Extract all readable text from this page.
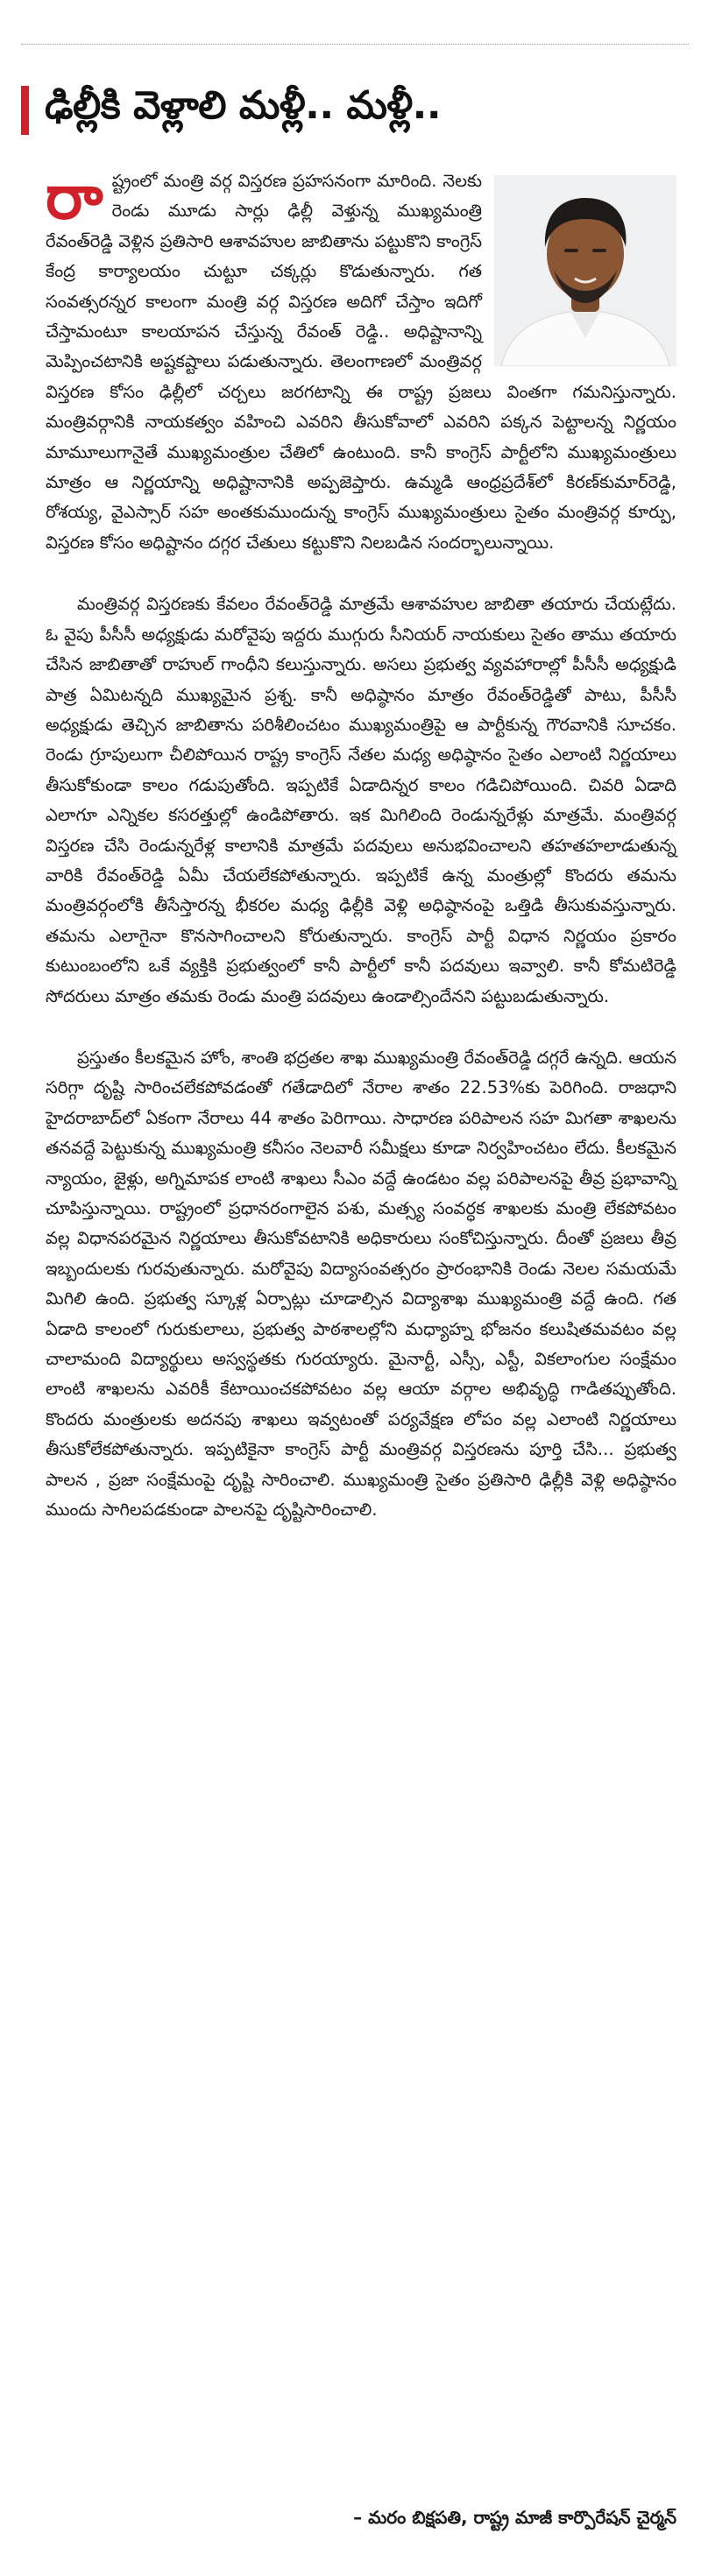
ఢిల్లీకి వెళ్లాలి మళ్లీ.. మళ్లీ..

రాష్ట్రంలో మంత్రి వర్గ విస్తరణ ప్రహసనంగా మారింది. నెలకు రెండు మూడు సార్లు ఢిల్లీ వెళ్తున్న ముఖ్యమంత్రి రేవంత్‌రెడ్డి వెళ్లిన ప్రతిసారి ఆశావహుల జాబితాను పట్టుకొని కాంగ్రెస్‌ కేంద్ర కార్యాలయం చుట్టూ చక్కర్లు కొడుతున్నారు. గత సంవత్సరన్నర కాలంగా మంత్రి వర్గ విస్తరణ అదిగో చేస్తాం ఇదిగో చేస్తామంటూ కాలయాపన చేస్తున్న రేవంత్‌ రెడ్డి.. అధిష్టానాన్ని మెప్పించటానికి అష్టకష్టాలు పడుతున్నారు. తెలంగాణలో మంత్రివర్గ విస్తరణ కోసం ఢిల్లీలో చర్చలు జరగటాన్ని ఈ రాష్ట్ర ప్రజలు వింతగా గమనిస్తున్నారు. మంత్రివర్గానికి నాయకత్వం వహించి ఎవరిని తీసుకోవాలో ఎవరిని పక్కన పెట్టాలన్న నిర్ణయం మామూలుగానైతే ముఖ్యమంత్రుల చేతిలో ఉంటుంది. కానీ కాంగ్రెస్‌ పార్టీలోని ముఖ్యమంత్రులు మాత్రం ఆ నిర్ణయాన్ని అధిష్టానానికి అప్పజెప్తారు. ఉమ్మడి ఆంధ్రప్రదేశ్‌లో కిరణ్‌కుమార్‌రెడ్డి, రోశయ్య, వైఎస్సార్‌ సహ అంతకుముందున్న కాంగ్రెస్‌ ముఖ్యమంత్రులు సైతం మంత్రివర్గ కూర్పు, విస్తరణ కోసం అధిష్టానం దగ్గర చేతులు కట్టుకొని నిలబడిన సందర్భాలున్నాయి.

మంత్రివర్గ విస్తరణకు కేవలం రేవంత్‌రెడ్డి మాత్రమే ఆశావహుల జాబితా తయారు చేయట్లేదు. ఓ వైపు పీసీసీ అధ్యక్షుడు మరోవైపు ఇద్దరు ముగ్గురు సీనియర్‌ నాయకులు సైతం తాము తయారు చేసిన జాబితాతో రాహుల్‌ గాంధీని కలుస్తున్నారు. అసలు ప్రభుత్వ వ్యవహారాల్లో పీసీసీ అధ్యక్షుడి పాత్ర ఏమిటన్నది ముఖ్యమైన ప్రశ్న. కానీ అధిష్ఠానం మాత్రం రేవంత్‌రెడ్డితో పాటు, పీసీసీ అధ్యక్షుడు తెచ్చిన జాబితాను పరిశీలించటం ముఖ్యమంత్రిపై ఆ పార్టీకున్న గౌరవానికి సూచకం. రెండు గ్రూపులుగా చీలిపోయిన రాష్ట్ర కాంగ్రెస్‌ నేతల మధ్య అధిష్ఠానం సైతం ఎలాంటి నిర్ణయాలు తీసుకోకుండా కాలం గడుపుతోంది. ఇప్పటికే ఏడాదిన్నర కాలం గడిచిపోయింది. చివరి ఏడాది ఎలాగూ ఎన్నికల కసరత్తుల్లో ఉండిపోతారు. ఇక మిగిలింది రెండున్నరేళ్లు మాత్రమే. మంత్రివర్గ విస్తరణ చేసి రెండున్నరేళ్ల కాలానికి మాత్రమే పదవులు అనుభవించాలని తహతహలాడుతున్న వారికి రేవంత్‌రెడ్డి ఏమీ చేయలేకపోతున్నారు. ఇప్పటికే ఉన్న మంత్రుల్లో కొందరు తమను మంత్రివర్గంలోకి తీసేస్తారన్న భీకరల మధ్య ఢిల్లీకి వెళ్లి అధిష్ఠానంపై ఒత్తిడి తీసుకువస్తున్నారు. తమను ఎలాగైనా కొనసాగించాలని కోరుతున్నారు. కాంగ్రెస్‌ పార్టీ విధాన నిర్ణయం ప్రకారం కుటుంబంలోని ఒకే వ్యక్తికి ప్రభుత్వంలో కానీ పార్టీలో కానీ పదవులు ఇవ్వాలి. కానీ కోమటిరెడ్డి సోదరులు మాత్రం తమకు రెండు మంత్రి పదవులు ఉండాల్సిందేనని పట్టుబడుతున్నారు.

ప్రస్తుతం కీలకమైన హోం, శాంతి భద్రతల శాఖ ముఖ్యమంత్రి రేవంత్‌రెడ్డి దగ్గరే ఉన్నది. ఆయన సరిగ్గా దృష్టి సారించలేకపోవడంతో గతేడాదిలో నేరాల శాతం 22.53%కు పెరిగింది. రాజధాని హైదరాబాద్‌లో ఏకంగా నేరాలు 44 శాతం పెరిగాయి. సాధారణ పరిపాలన సహ మిగతా శాఖలను తనవద్దే పెట్టుకున్న ముఖ్యమంత్రి కనీసం నెలవారీ సమీక్షలు కూడా నిర్వహించటం లేదు. కీలకమైన న్యాయం, జైళ్లు, అగ్నిమాపక లాంటి శాఖలు సీఎం వద్దే ఉండటం వల్ల పరిపాలనపై తీవ్ర ప్రభావాన్ని చూపిస్తున్నాయి. రాష్ట్రంలో ప్రధానరంగాలైన పశు, మత్స్య సంవర్ధక శాఖలకు మంత్రి లేకపోవటం వల్ల విధానపరమైన నిర్ణయాలు తీసుకోవటానికి అధికారులు సంకోచిస్తున్నారు. దీంతో ప్రజలు తీవ్ర ఇబ్బందులకు గురవుతున్నారు. మరోవైపు విద్యాసంవత్సరం ప్రారంభానికి రెండు నెలల సమయమే మిగిలి ఉంది. ప్రభుత్వ స్కూళ్ల ఏర్పాట్లు చూడాల్సిన విద్యాశాఖ ముఖ్యమంత్రి వద్దే ఉంది. గత ఏడాది కాలంలో గురుకులాలు, ప్రభుత్వ పాఠశాలల్లోని మధ్యాహ్న భోజనం కలుషితమవటం వల్ల చాలామంది విద్యార్థులు అస్వస్థతకు గురయ్యారు. మైనార్టీ, ఎస్సీ, ఎస్టీ, వికలాంగుల సంక్షేమం లాంటి శాఖలను ఎవరికీ కేటాయించకపోవటం వల్ల ఆయా వర్గాల అభివృద్ధి గాడితప్పుతోంది. కొందరు మంత్రులకు అదనపు శాఖలు ఇవ్వటంతో పర్యవేక్షణ లోపం వల్ల ఎలాంటి నిర్ణయాలు తీసుకోలేకపోతున్నారు. ఇప్పటికైనా కాంగ్రెస్‌ పార్టీ మంత్రివర్గ విస్తరణను పూర్తి చేసి... ప్రభుత్వ పాలన , ప్రజా సంక్షేమంపై దృష్టి సారించాలి. ముఖ్యమంత్రి సైతం ప్రతిసారి ఢిల్లీకి వెళ్లి అధిష్ఠానం ముందు సాగిలపడకుండా పాలనపై దృష్టిసారించాలి.

– మరం బిక్షపతి, రాష్ట్ర మాజీ కార్పొరేషన్‌ చైర్మన్‌
